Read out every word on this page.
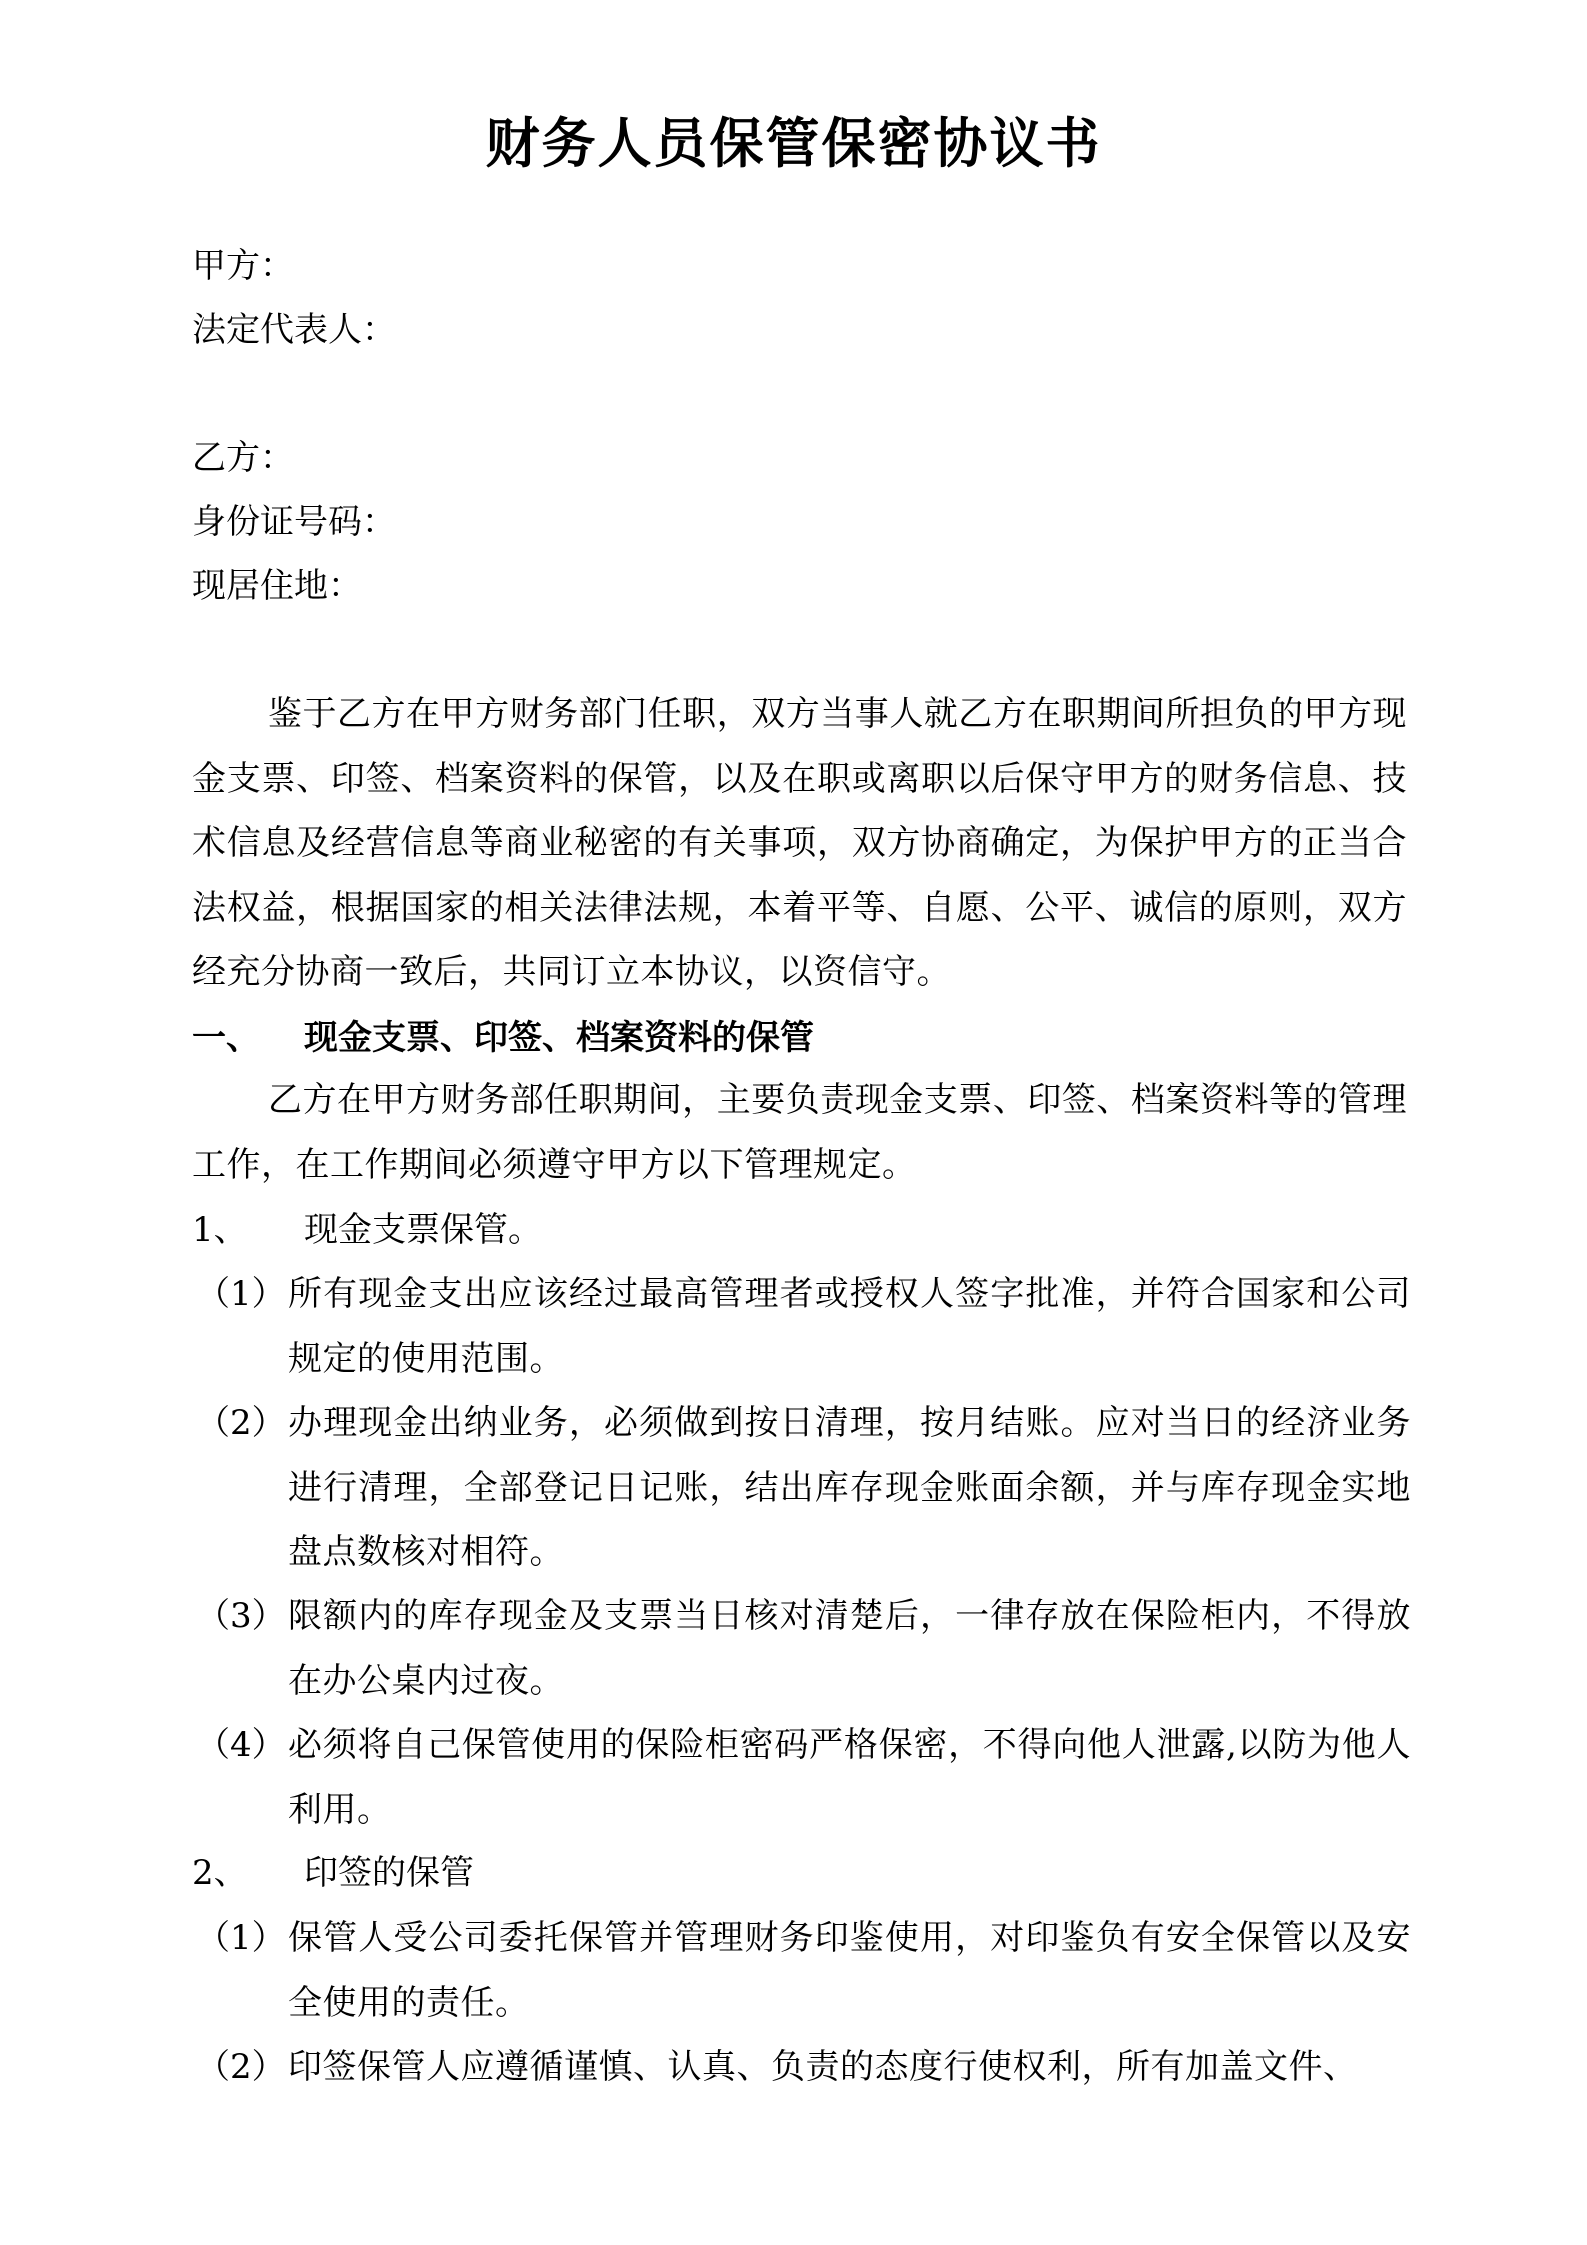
财务人员保管保密协议书
甲方：
法定代表人：
乙方：
身份证号码：
现居住地：
鉴于乙方在甲方财务部门任职，双方当事人就乙方在职期间所担负的甲方现金支票、印签、档案资料的保管，以及在职或离职以后保守甲方的财务信息、技术信息及经营信息等商业秘密的有关事项，双方协商确定，为保护甲方的正当合法权益，根据国家的相关法律法规，本着平等、自愿、公平、诚信的原则，双方经充分协商一致后，共同订立本协议，以资信守。
一、 现金支票、印签、档案资料的保管
乙方在甲方财务部任职期间，主要负责现金支票、印签、档案资料等的管理工作，在工作期间必须遵守甲方以下管理规定。
1、 现金支票保管。
（1） 所有现金支出应该经过最高管理者或授权人签字批准，并符合国家和公司规定的使用范围。
（2） 办理现金出纳业务，必须做到按日清理，按月结账。应对当日的经济业务进行清理，全部登记日记账，结出库存现金账面余额，并与库存现金实地盘点数核对相符。
（3） 限额内的库存现金及支票当日核对清楚后，一律存放在保险柜内，不得放在办公桌内过夜。
（4） 必须将自己保管使用的保险柜密码严格保密，不得向他人泄露,以防为他人利用。
2、 印签的保管
（1） 保管人受公司委托保管并管理财务印鉴使用，对印鉴负有安全保管以及安全使用的责任。
（2） 印签保管人应遵循谨慎、认真、负责的态度行使权利，所有加盖文件、
